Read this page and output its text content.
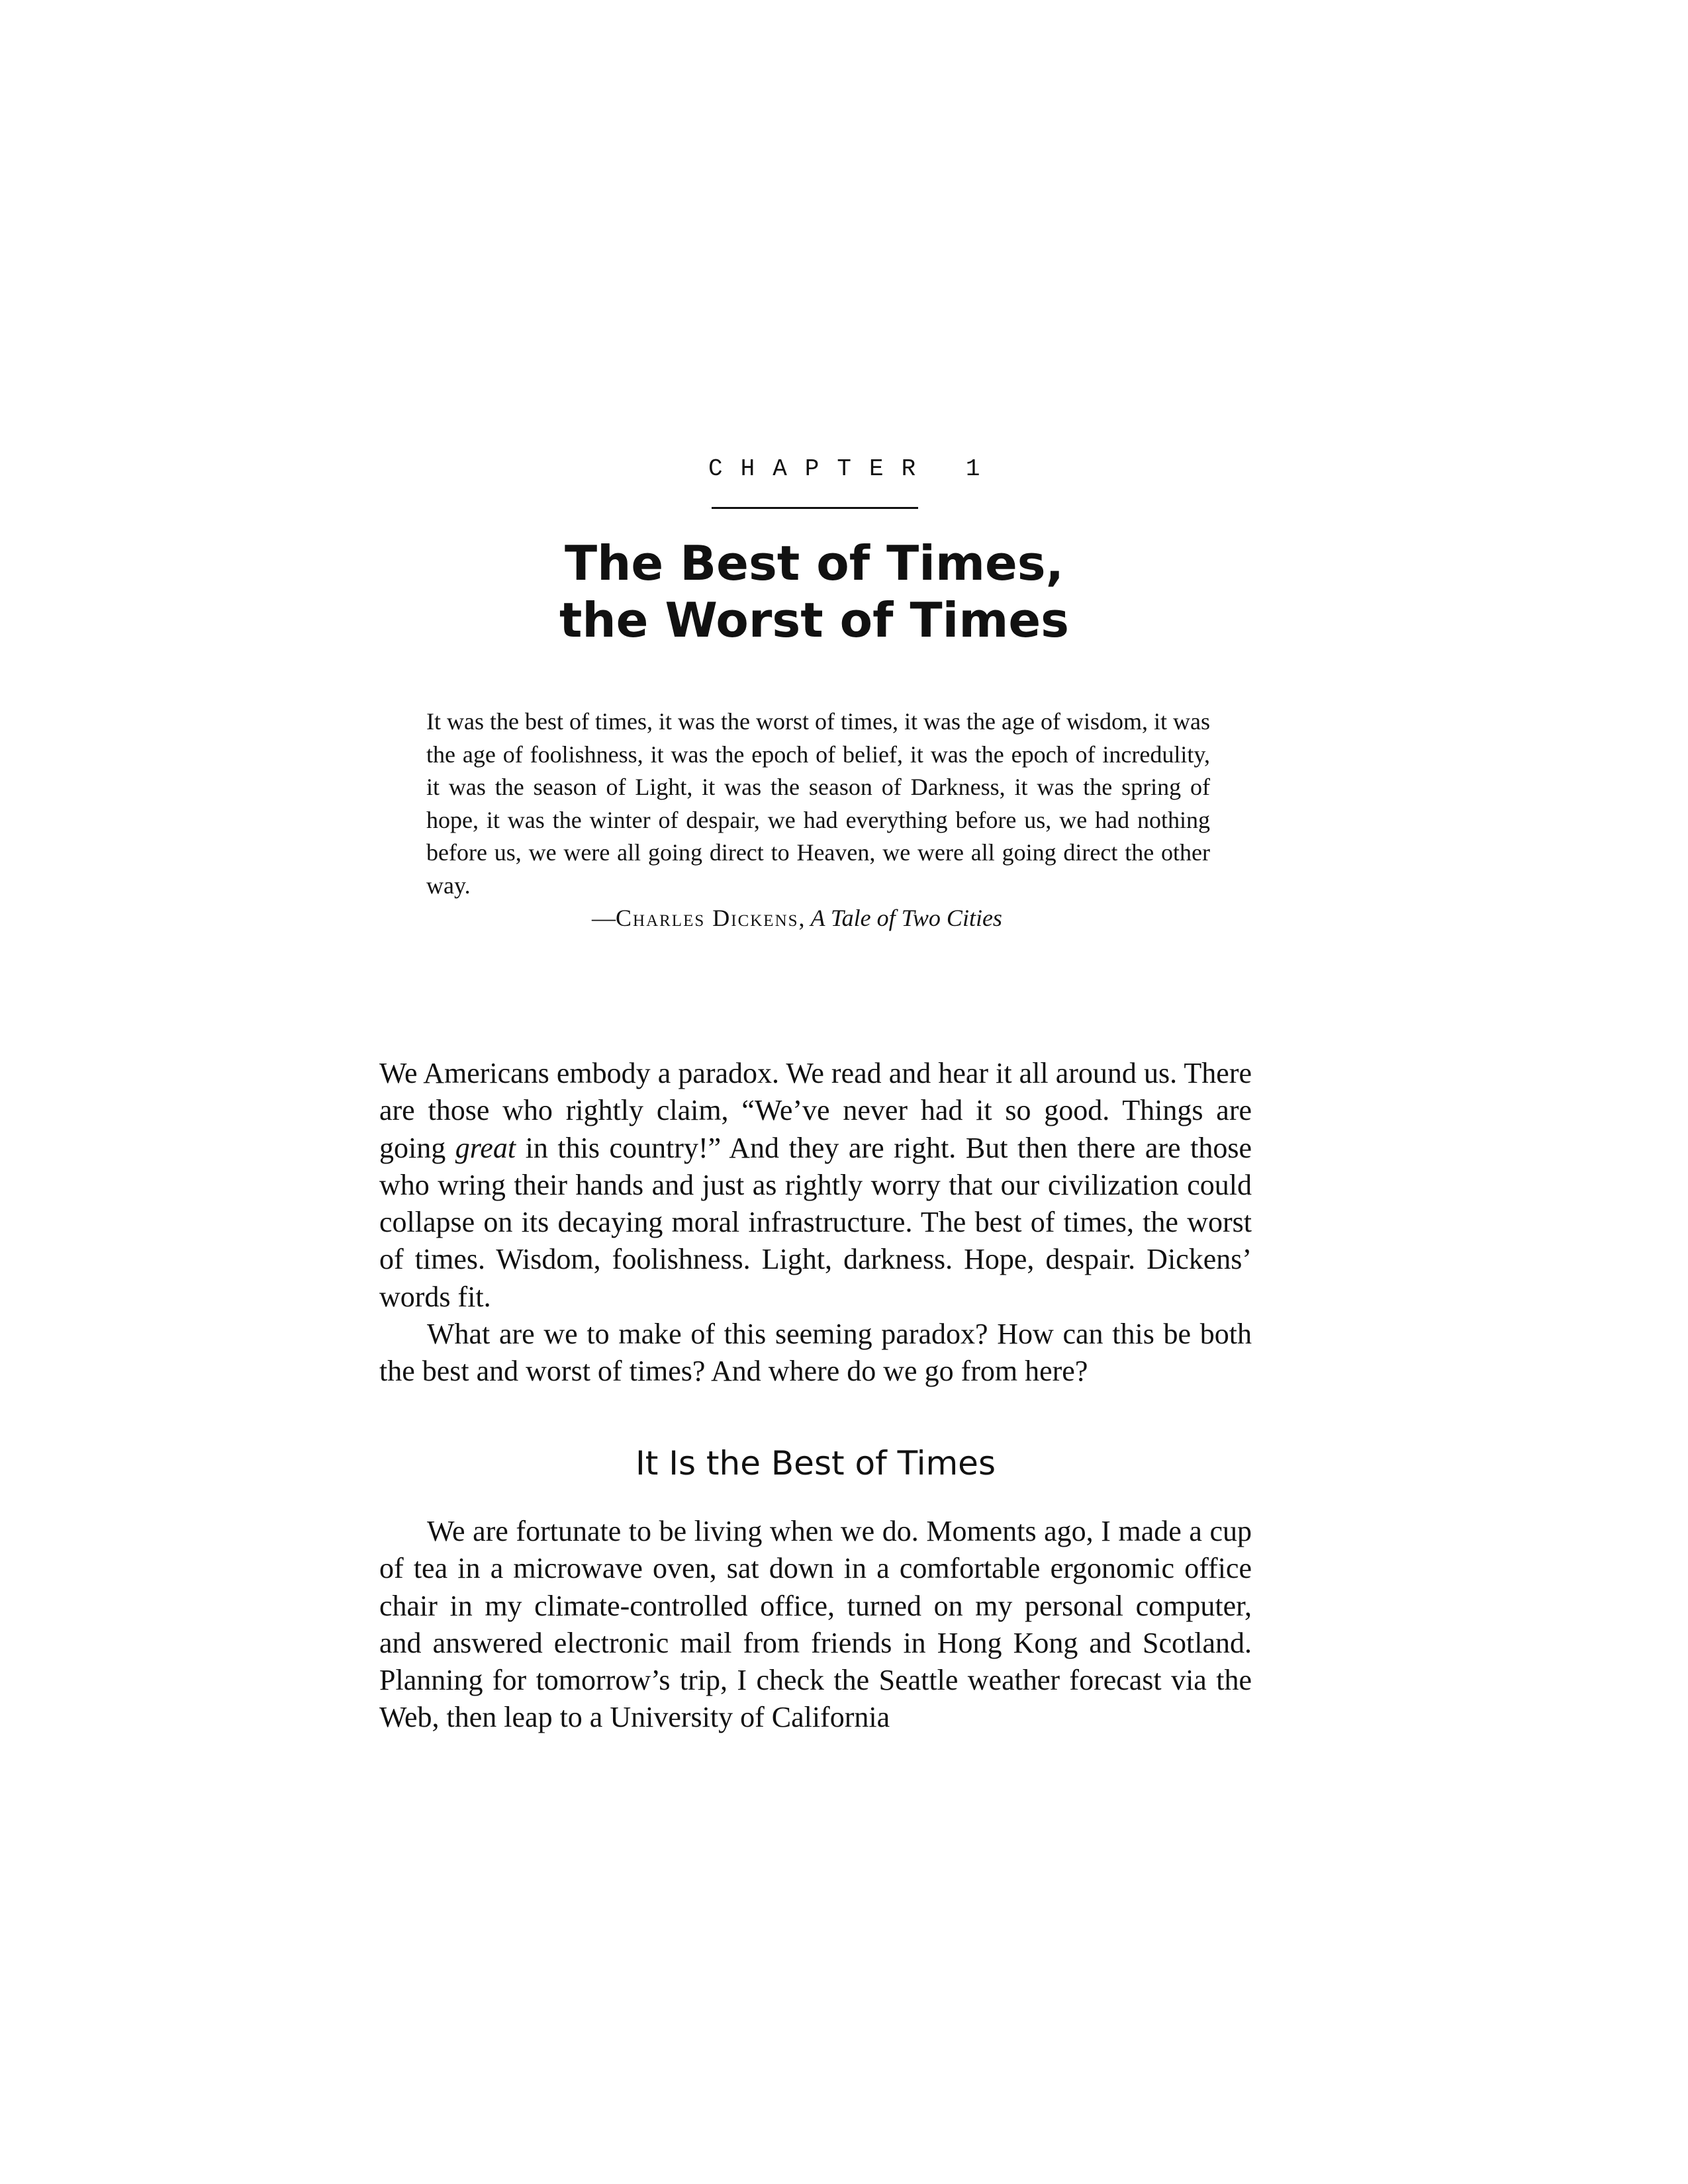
CHAPTER 1
The Best of Times,
the Worst of Times

It was the best of times, it was the worst of times, it was the age of wisdom, it was the age of foolishness, it was the epoch of belief, it was the epoch of incredulity, it was the season of Light, it was the season of Darkness, it was the spring of hope, it was the winter of despair, we had everything before us, we had nothing before us, we were all going direct to Heaven, we were all going direct the other way.

—Charles Dickens, A Tale of Two Cities

We Americans embody a paradox. We read and hear it all around us. There are those who rightly claim, “We’ve never had it so good. Things are going great in this country!” And they are right. But then there are those who wring their hands and just as rightly worry that our civilization could collapse on its decaying moral infrastructure. The best of times, the worst of times. Wisdom, foolishness. Light, darkness. Hope, despair. Dickens’ words fit.

What are we to make of this seeming paradox? How can this be both the best and worst of times? And where do we go from here?

It Is the Best of Times

We are fortunate to be living when we do. Moments ago, I made a cup of tea in a microwave oven, sat down in a comfortable ergonomic office chair in my climate-controlled office, turned on my personal computer, and answered electronic mail from friends in Hong Kong and Scotland. Planning for tomorrow’s trip, I check the Seattle weather forecast via the Web, then leap to a University of California
